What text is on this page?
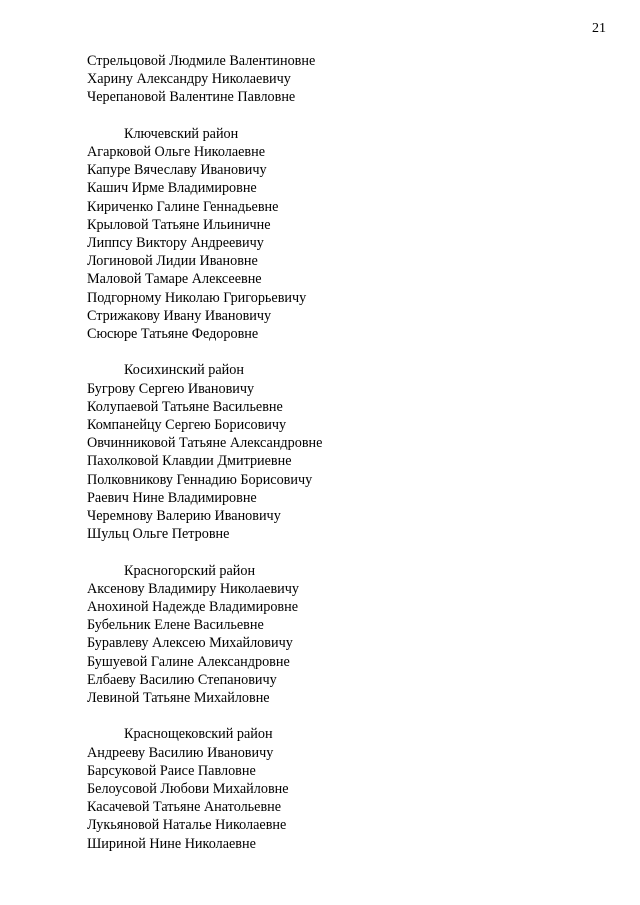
21
Стрельцовой Людмиле Валентиновне
Харину Александру Николаевичу
Черепановой Валентине Павловне
Ключевский район
Агарковой Ольге Николаевне
Капуре Вячеславу Ивановичу
Кашич Ирме Владимировне
Кириченко Галине Геннадьевне
Крыловой Татьяне Ильиничне
Липпсу Виктору Андреевичу
Логиновой Лидии Ивановне
Маловой Тамаре Алексеевне
Подгорному Николаю Григорьевичу
Стрижакову Ивану Ивановичу
Сюсюре Татьяне Федоровне
Косихинский район
Бугрову Сергею Ивановичу
Колупаевой Татьяне Васильевне
Компанейцу Сергею Борисовичу
Овчинниковой Татьяне Александровне
Пахолковой Клавдии Дмитриевне
Полковникову Геннадию Борисовичу
Раевич Нине Владимировне
Черемнову Валерию Ивановичу
Шульц Ольге Петровне
Красногорский район
Аксенову Владимиру Николаевичу
Анохиной Надежде Владимировне
Бубельник Елене Васильевне
Буравлеву Алексею Михайловичу
Бушуевой Галине Александровне
Елбаеву Василию Степановичу
Левиной Татьяне Михайловне
Краснощековский район
Андрееву Василию Ивановичу
Барсуковой Раисе Павловне
Белоусовой Любови Михайловне
Касачевой Татьяне Анатольевне
Лукьяновой Наталье Николаевне
Шириной Нине Николаевне
